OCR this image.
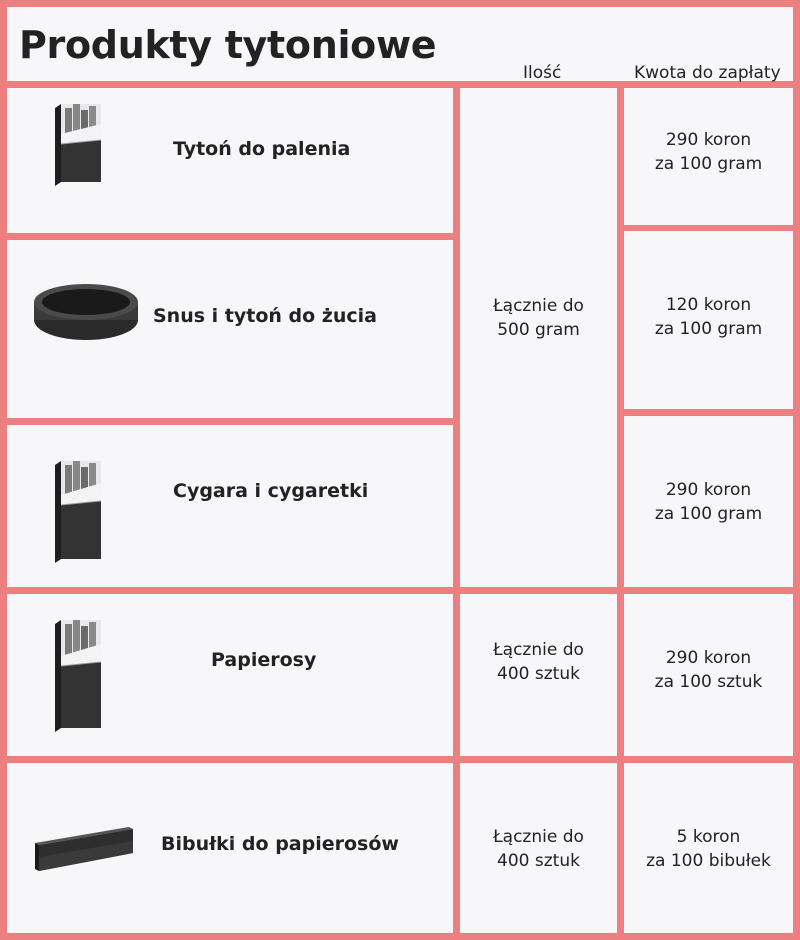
Produkty tytoniowe
Ilość	Kwota do zapłaty
Tytoń do palenia
Snus i tytoń do żucia
Cygara i cygaretki
Papierosy
Bibułki do papierosów
Łącznie do
500 gram
Łącznie do
400 sztuk
Łącznie do
400 sztuk
290 koron
za 100 gram
120 koron
za 100 gram
290 koron
za 100 gram
290 koron
za 100 sztuk
5 koron
za 100 bibułek
